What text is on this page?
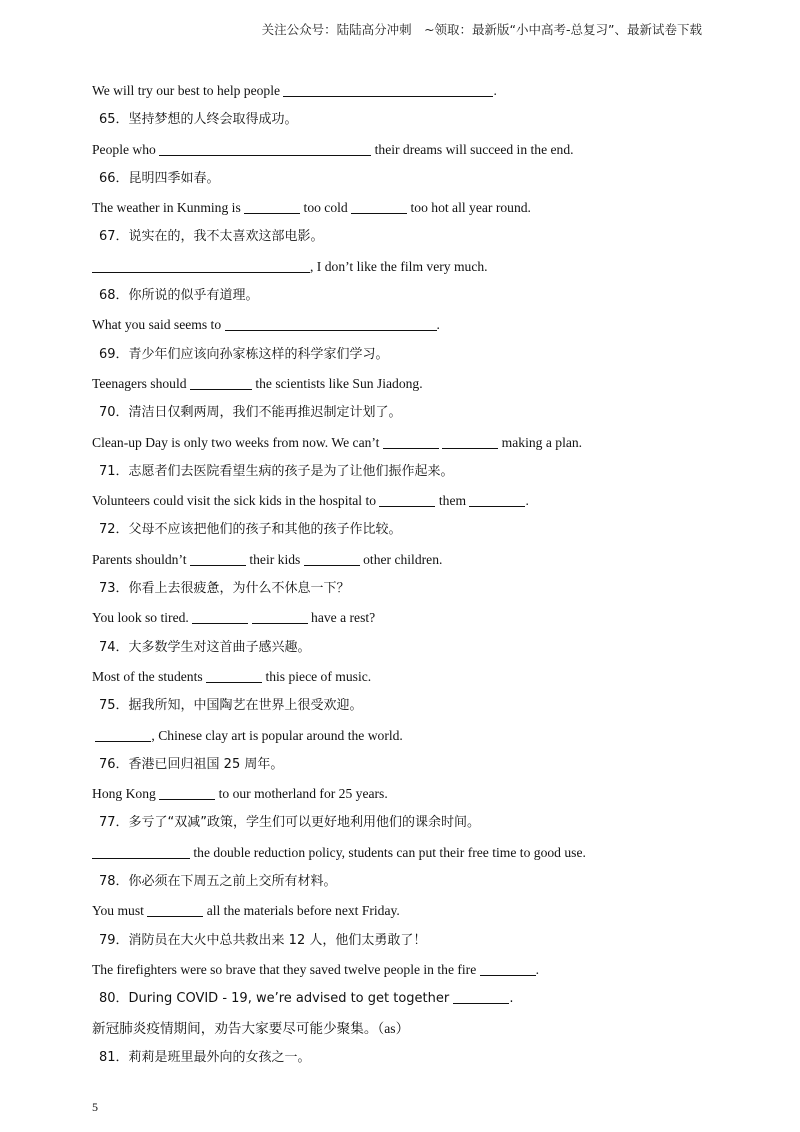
关注公众号：陆陆高分冲刺　~领取：最新版“小中高考-总复习”、最新试卷下载
We will try our best to help people	.
65．坚持梦想的人终会取得成功。
People who	their dreams will succeed in the end.
66．昆明四季如春。
The weather in Kunming is	too cold	too hot all year round.
67．说实在的，我不太喜欢这部电影。
, I don’t like the film very much.
68．你所说的似乎有道理。
What you said seems to	.
69．青少年们应该向孙家栋这样的科学家们学习。
Teenagers should	the scientists like Sun Jiadong.
70．清洁日仅剩两周，我们不能再推迟制定计划了。
Clean-up Day is only two weeks from now. We can’t	making a plan.
71．志愿者们去医院看望生病的孩子是为了让他们振作起来。
Volunteers could visit the sick kids in the hospital to	them	.
72．父母不应该把他们的孩子和其他的孩子作比较。
Parents shouldn’t	their kids	other children.
73．你看上去很疲惫，为什么不休息一下？
You look so tired.	have a rest?
74．大多数学生对这首曲子感兴趣。
Most of the students	this piece of music.
75．据我所知，中国陶艺在世界上很受欢迎。
, Chinese clay art is popular around the world.
76．香港已回归祖国 25 周年。
Hong Kong	to our motherland for 25 years.
77．多亏了“双减”政策，学生们可以更好地利用他们的课余时间。
the double reduction policy, students can put their free time to good use.
78．你必须在下周五之前上交所有材料。
You must	all the materials before next Friday.
79．消防员在大火中总共救出来 12 人，他们太勇敢了！
The firefighters were so brave that they saved twelve people in the fire	.
80．During COVID - 19, we’re advised to get together	.
新冠肺炎疫情期间，劝告大家要尽可能少聚集。（as）
81．莉莉是班里最外向的女孩之一。
5
